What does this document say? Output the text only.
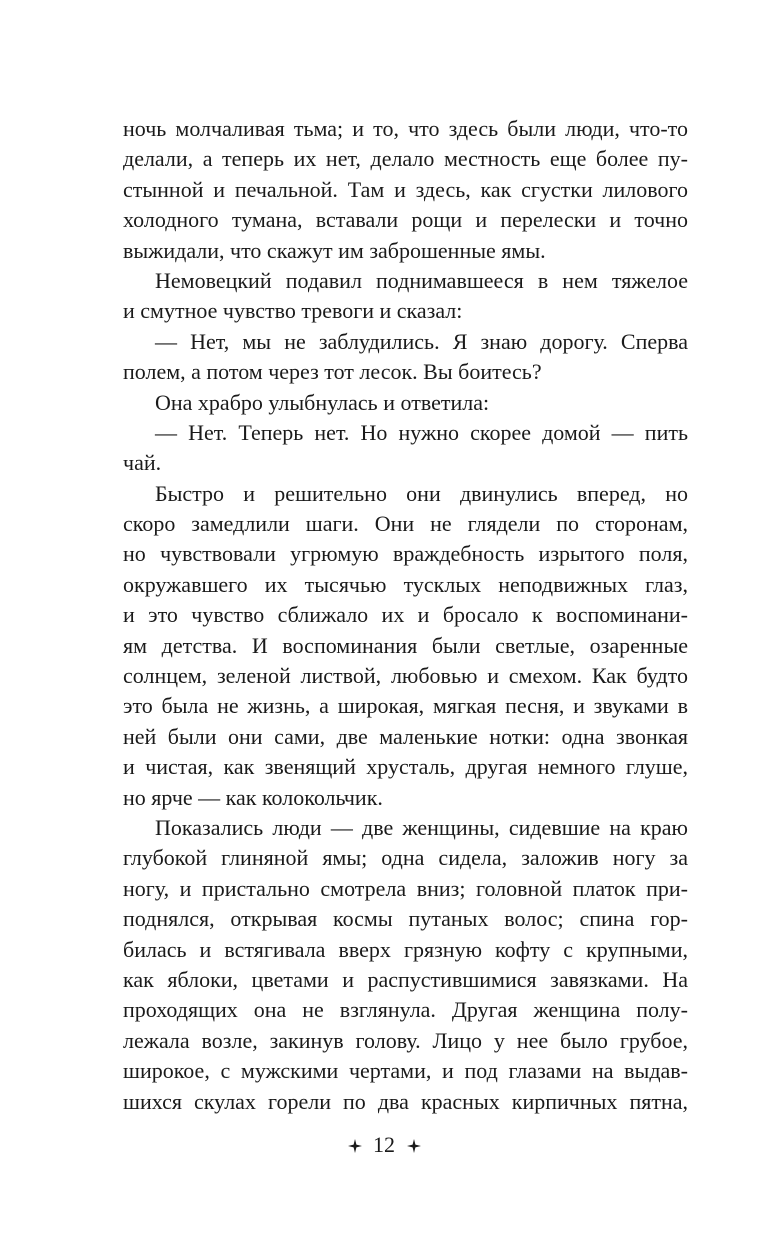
ночь молчаливая тьма; и то, что здесь были люди, что-то
делали, а теперь их нет, делало местность еще более пу-
стынной и печальной. Там и здесь, как сгустки лилового
холодного тумана, вставали рощи и перелески и точно
выжидали, что скажут им заброшенные ямы.
Немовецкий подавил поднимавшееся в нем тяжелое
и смутное чувство тревоги и сказал:
— Нет, мы не заблудились. Я знаю дорогу. Сперва
полем, а потом через тот лесок. Вы боитесь?
Она храбро улыбнулась и ответила:
— Нет. Теперь нет. Но нужно скорее домой — пить
чай.
Быстро и решительно они двинулись вперед, но
скоро замедлили шаги. Они не глядели по сторонам,
но чувствовали угрюмую враждебность изрытого поля,
окружавшего их тысячью тусклых неподвижных глаз,
и это чувство сближало их и бросало к воспоминани-
ям детства. И воспоминания были светлые, озаренные
солнцем, зеленой листвой, любовью и смехом. Как будто
это была не жизнь, а широкая, мягкая песня, и звуками в
ней были они сами, две маленькие нотки: одна звонкая
и чистая, как звенящий хрусталь, другая немного глуше,
но ярче — как колокольчик.
Показались люди — две женщины, сидевшие на краю
глубокой глиняной ямы; одна сидела, заложив ногу за
ногу, и пристально смотрела вниз; головной платок при-
поднялся, открывая космы путаных волос; спина гор-
билась и встягивала вверх грязную кофту с крупными,
как яблоки, цветами и распустившимися завязками. На
проходящих она не взглянула. Другая женщина полу-
лежала возле, закинув голову. Лицо у нее было грубое,
широкое, с мужскими чертами, и под глазами на выдав-
шихся скулах горели по два красных кирпичных пятна,
12
